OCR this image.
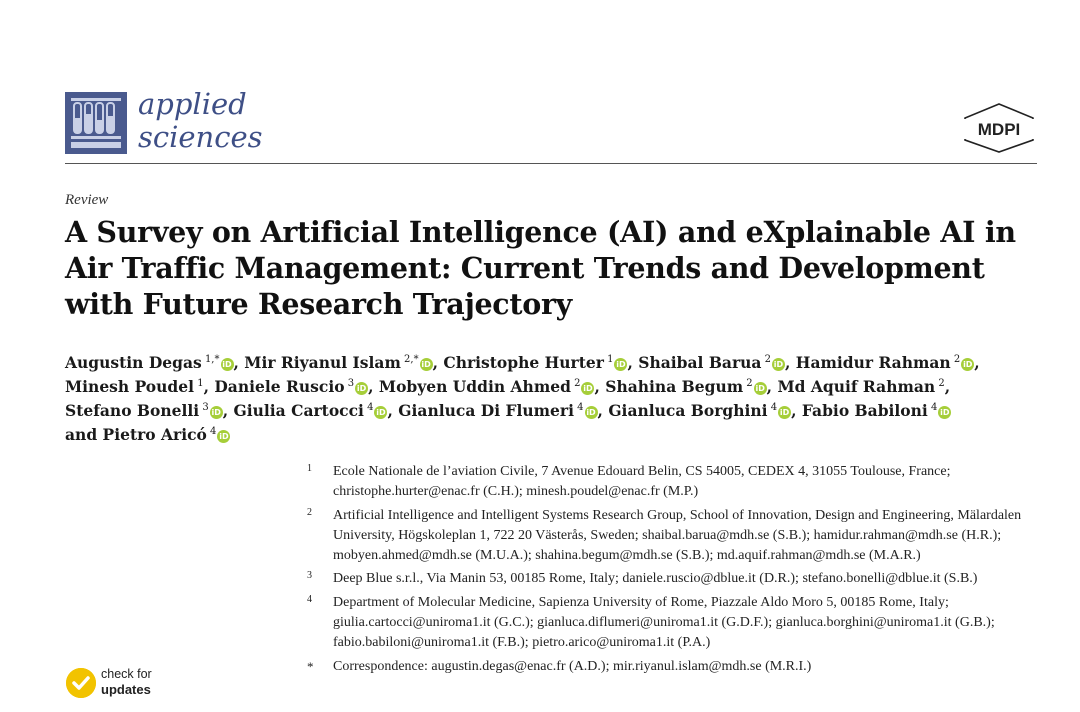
applied
sciences	MDPI
Review
A Survey on Artificial Intelligence (AI) and eXplainable AI in Air Traffic Management: Current Trends and Development with Future Research Trajectory
Augustin Degas $^{1,*}$ iD , Mir Riyanul Islam $^{2,*}$ iD , Christophe Hurter $^1$ iD , Shaibal Barua $^2$ iD , Hamidur Rahman $^2$ iD ,
Minesh Poudel $^1$, Daniele Ruscio $^3$ iD , Mobyen Uddin Ahmed $^2$ iD , Shahina Begum $^2$ iD , Md Aquif Rahman $^2$,
Stefano Bonelli $^3$ iD , Giulia Cartocci $^4$ iD , Gianluca Di Flumeri $^4$ iD , Gianluca Borghini $^4$ iD , Fabio Babiloni $^4$ iD
and Pietro Aricó $^4$ iD
1 Ecole Nationale de l’aviation Civile, 7 Avenue Edouard Belin, CS 54005, CEDEX 4, 31055 Toulouse, France; christophe.hurter@enac.fr (C.H.); minesh.poudel@enac.fr (M.P.)
2 Artificial Intelligence and Intelligent Systems Research Group, School of Innovation, Design and Engineering, Mälardalen University, Högskoleplan 1, 722 20 Västerås, Sweden; shaibal.barua@mdh.se (S.B.); hamidur.rahman@mdh.se (H.R.); mobyen.ahmed@mdh.se (M.U.A.); shahina.begum@mdh.se (S.B.); md.aquif.rahman@mdh.se (M.A.R.)
3 Deep Blue s.r.l., Via Manin 53, 00185 Rome, Italy; daniele.ruscio@dblue.it (D.R.); stefano.bonelli@dblue.it (S.B.)
4 Department of Molecular Medicine, Sapienza University of Rome, Piazzale Aldo Moro 5, 00185 Rome, Italy; giulia.cartocci@uniroma1.it (G.C.); gianluca.diflumeri@uniroma1.it (G.D.F.); gianluca.borghini@uniroma1.it (G.B.); fabio.babiloni@uniroma1.it (F.B.); pietro.arico@uniroma1.it (P.A.)
* Correspondence: augustin.degas@enac.fr (A.D.); mir.riyanul.islam@mdh.se (M.R.I.)
check for
updates
